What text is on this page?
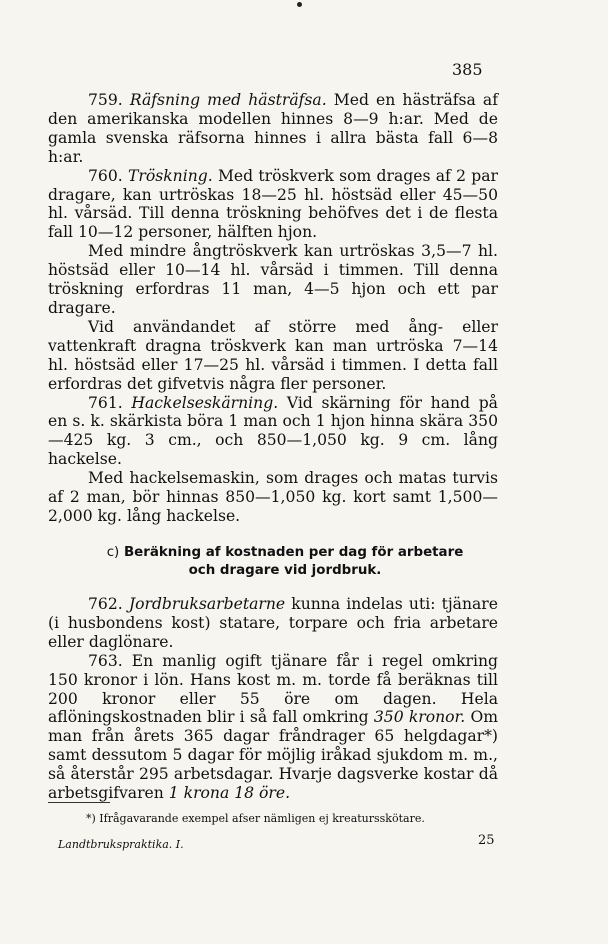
385

759. Räfsning med hästräfsa. Med en hästräfsa af den amerikanska modellen hinnes 8—9 h:ar. Med de gamla svenska räfsorna hinnes i allra bästa fall 6—8 h:ar.

760. Tröskning. Med tröskverk som drages af 2 par dragare, kan urtröskas 18—25 hl. höstsäd eller 45—50 hl. vårsäd. Till denna tröskning behöfves det i de flesta fall 10—12 personer, hälften hjon.

Med mindre ångtröskverk kan urtröskas 3,5—7 hl. höstsäd eller 10—14 hl. vårsäd i timmen. Till denna tröskning erfordras 11 man, 4—5 hjon och ett par dragare.

Vid användandet af större med ång- eller vattenkraft dragna tröskverk kan man urtröska 7—14 hl. höstsäd eller 17—25 hl. vårsäd i timmen. I detta fall erfordras det gifvetvis några fler personer.

761. Hackelseskärning. Vid skärning för hand på en s. k. skärkista böra 1 man och 1 hjon hinna skära 350—425 kg. 3 cm., och 850—1,050 kg. 9 cm. lång hackelse.

Med hackelsemaskin, som drages och matas turvis af 2 man, bör hinnas 850—1,050 kg. kort samt 1,500—2,000 kg. lång hackelse.

c) Beräkning af kostnaden per dag för arbetare
och dragare vid jordbruk.

762. Jordbruksarbetarne kunna indelas uti: tjänare (i husbondens kost) statare, torpare och fria arbetare eller daglönare.

763. En manlig ogift tjänare får i regel omkring 150 kronor i lön. Hans kost m. m. torde få beräknas till 200 kronor eller 55 öre om dagen. Hela aflöningskostnaden blir i så fall omkring 350 kronor. Om man från årets 365 dagar fråndrager 65 helgdagar*) samt dessutom 5 dagar för möjlig iråkad sjukdom m. m., så återstår 295 arbetsdagar. Hvarje dagsverke kostar då arbetsgifvaren 1 krona 18 öre.

*) Ifrågavarande exempel afser nämligen ej kreatursskötare.
Landtbrukspraktika. I.	25
